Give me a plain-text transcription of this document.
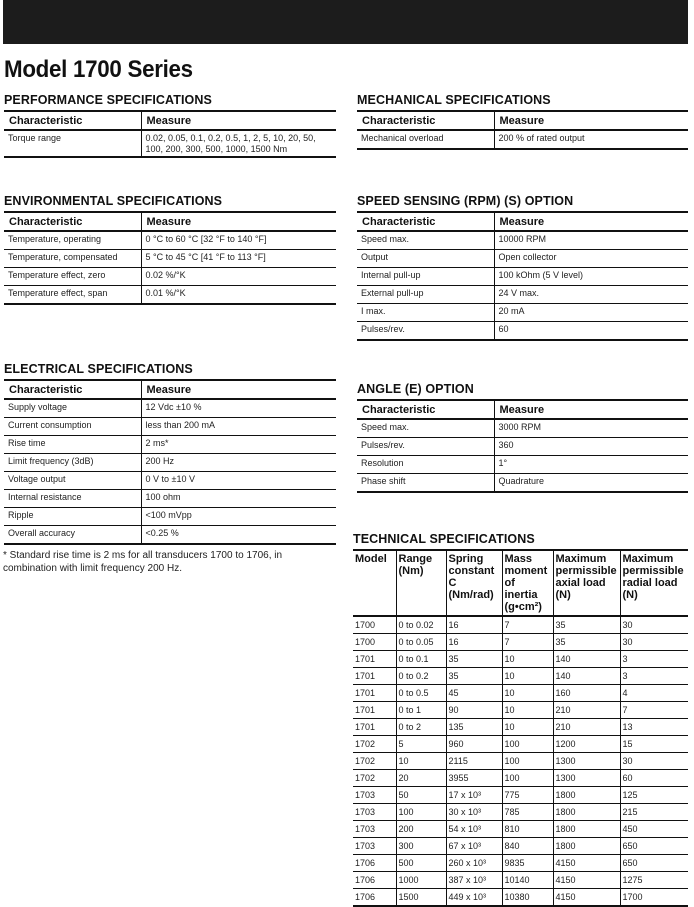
Model 1700 Series
PERFORMANCE SPECIFICATIONS
Characteristic	Measure
Torque range	0.02, 0.05, 0.1, 0.2, 0.5, 1, 2, 5, 10, 20, 50, 100, 200, 300, 500, 1000, 1500 Nm
MECHANICAL SPECIFICATIONS
Characteristic	Measure
Mechanical overload	200 % of rated output
ENVIRONMENTAL SPECIFICATIONS
Characteristic	Measure
Temperature, operating	0 °C to 60 °C [32 °F to 140 °F]
Temperature, compensated	5 °C to 45 °C [41 °F to 113 °F]
Temperature effect, zero	0.02 %/°K
Temperature effect, span	0.01 %/°K
SPEED SENSING (RPM) (S) OPTION
Characteristic	Measure
Speed max.	10000 RPM
Output	Open collector
Internal pull-up	100 kOhm (5 V level)
External pull-up	24 V max.
I max.	20 mA
Pulses/rev.	60
ELECTRICAL SPECIFICATIONS
Characteristic	Measure
Supply voltage	12 Vdc ±10 %
Current consumption	less than 200 mA
Rise time	2 ms*
Limit frequency (3dB)	200 Hz
Voltage output	0 V to ±10 V
Internal resistance	100 ohm
Ripple	<100 mVpp
Overall accuracy	<0.25 %
ANGLE (E) OPTION
Characteristic	Measure
Speed max.	3000 RPM
Pulses/rev.	360
Resolution	1°
Phase shift	Quadrature

* Standard rise time is 2 ms for all transducers 1700 to 1706, in combination with limit frequency 200 Hz.

TECHNICAL SPECIFICATIONS
Model	Range (Nm)	Spring constant C (Nm/rad)	Mass moment of inertia (g•cm²)	Maximum permissible axial load (N)	Maximum permissible radial load (N)
1700	0 to 0.02	16	7	35	30
1700	0 to 0.05	16	7	35	30
1701	0 to 0.1	35	10	140	3
1701	0 to 0.2	35	10	140	3
1701	0 to 0.5	45	10	160	4
1701	0 to 1	90	10	210	7
1701	0 to 2	135	10	210	13
1702	5	960	100	1200	15
1702	10	2115	100	1300	30
1702	20	3955	100	1300	60
1703	50	17 x 10³	775	1800	125
1703	100	30 x 10³	785	1800	215
1703	200	54 x 10³	810	1800	450
1703	300	67 x 10³	840	1800	650
1706	500	260 x 10³	9835	4150	650
1706	1000	387 x 10³	10140	4150	1275
1706	1500	449 x 10³	10380	4150	1700
